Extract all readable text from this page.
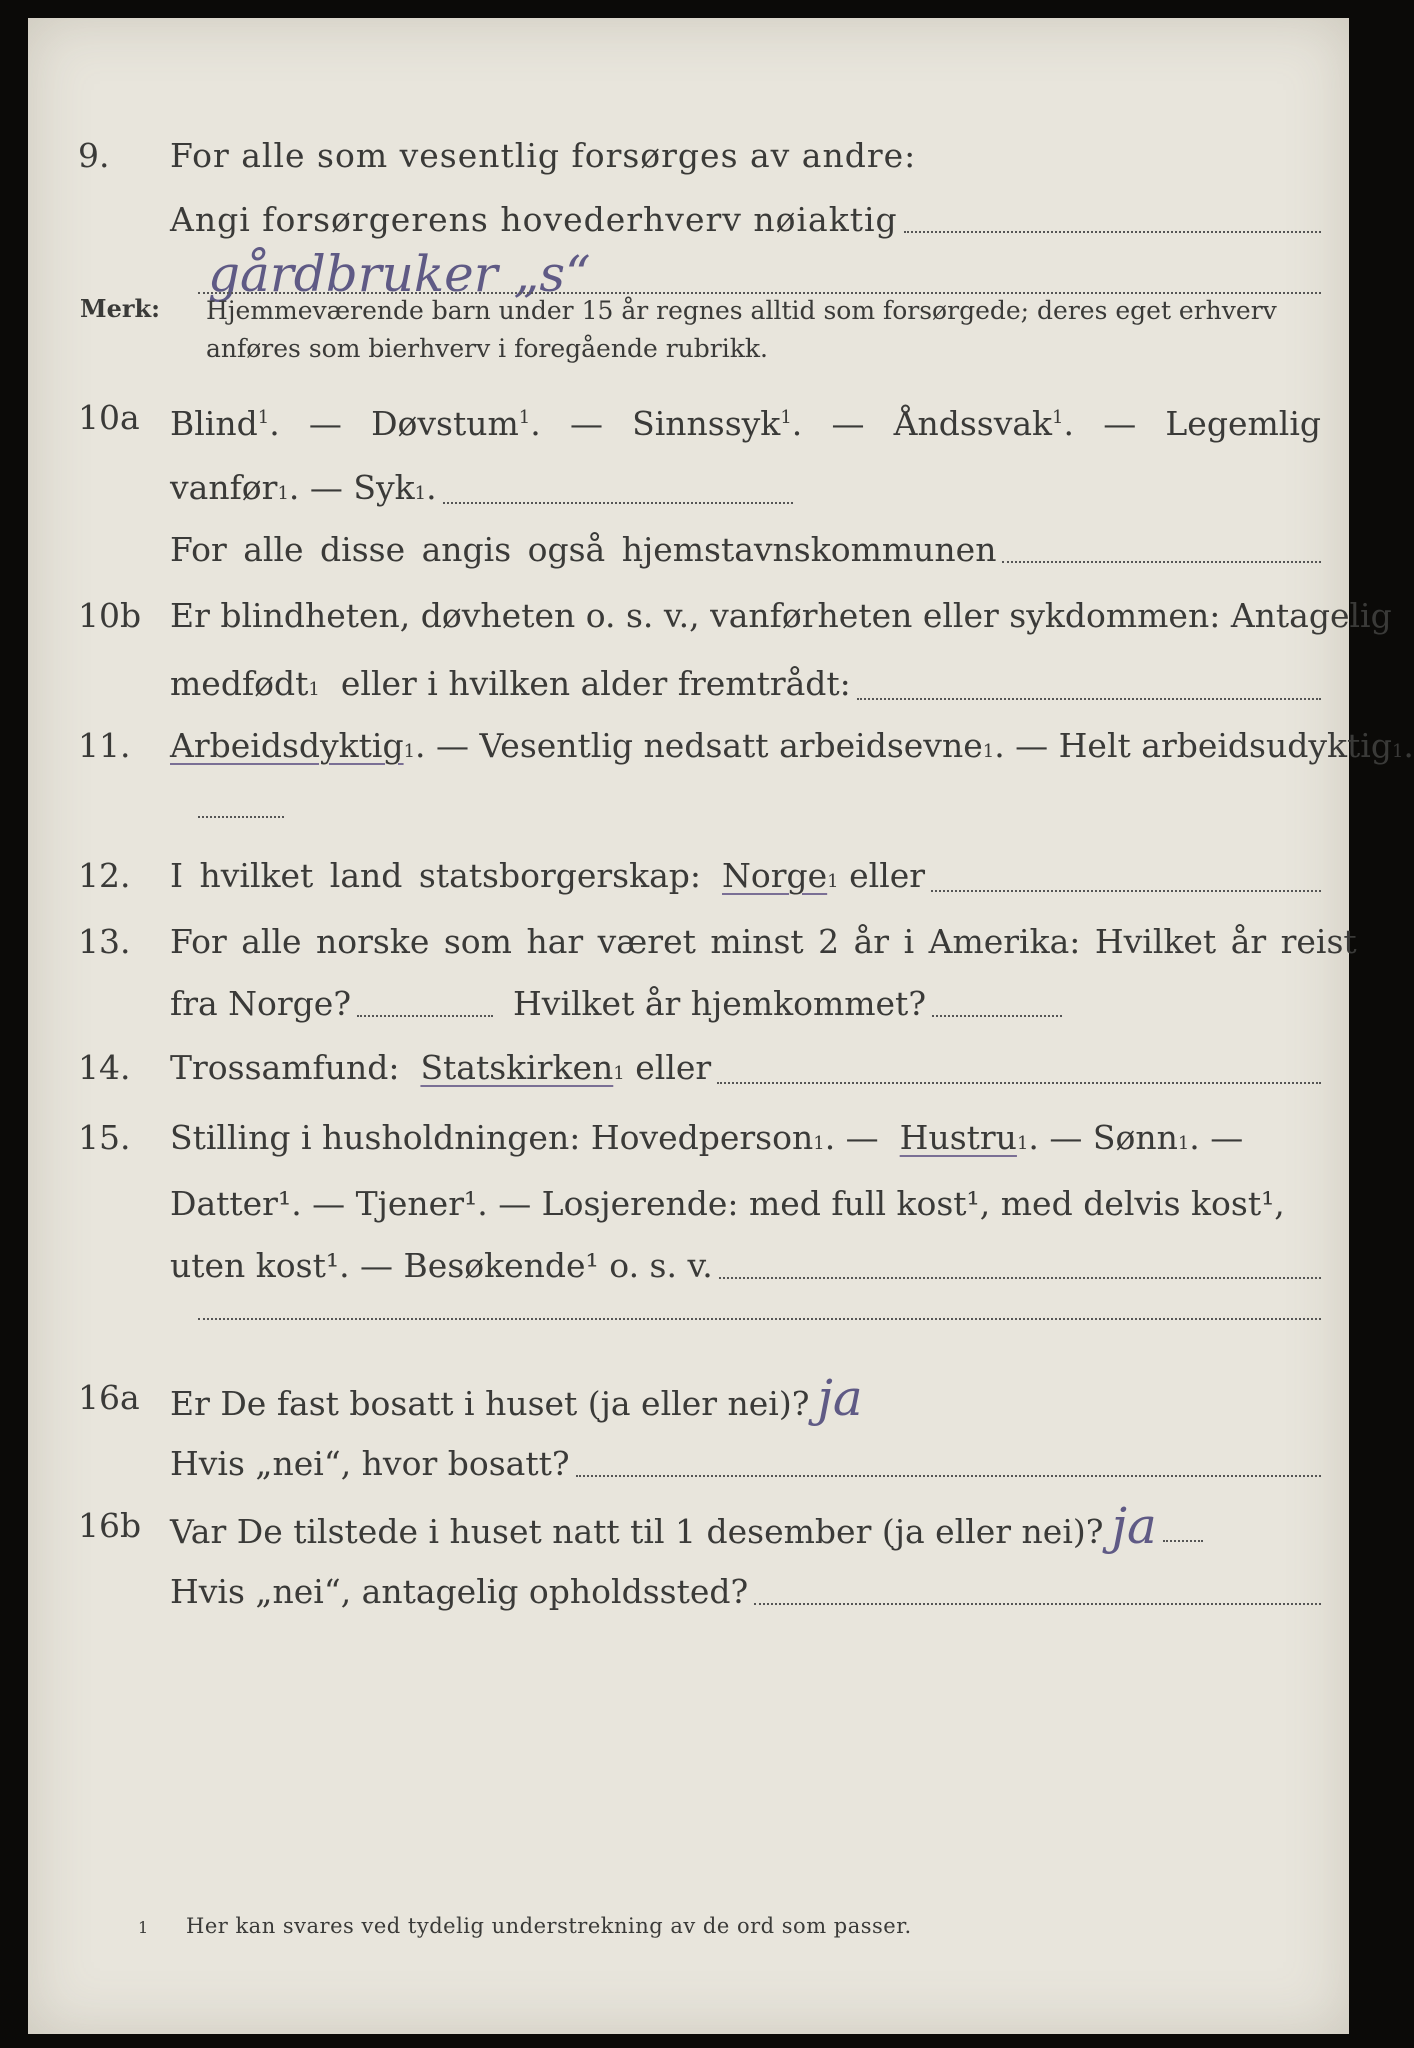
9.	For alle som vesentlig forsørges av andre:
Angi forsørgerens hovederhverv nøiaktig
gårdbruker „s“
Merk: Hjemmeværende barn under 15 år regnes alltid som forsørgede; deres eget erhverv
anføres som bierhverv i foregående rubrikk.
10a Blind$^1$. — Døvstum$^1$. — Sinnssyk$^1$. — Åndssvak$^1$. — Legemlig
vanfør 1 . —
Syk 1 .
For alle disse angis også hjemstavnskommunen
10b Er blindheten, døvheten o. s. v., vanførheten eller sykdommen: Antagelig
medfødt 1
eller i hvilken alder fremtrådt:
11.	Arbeidsdyktig 1 . — Vesentlig nedsatt arbeidsevne 1 . — Helt arbeidsudyktig 1 .
12.	I hvilket land statsborgerskap:
Norge 1
eller
13.	For alle norske som har været minst 2 år i Amerika: Hvilket år reist
fra Norge?	Hvilket år hjemkommet?
14.	Trossamfund:
Statskirken 1
eller
15.	Stilling i husholdningen: Hovedperson 1 . —
Hustru 1 . — Sønn 1 . —
Datter¹. — Tjener¹. — Losjerende: med full kost¹, med delvis kost¹,
uten kost¹. — Besøkende¹ o. s. v.
16a Er De fast bosatt i huset (ja eller nei)? ja
Hvis „nei“, hvor bosatt?
16b Var De tilstede i huset natt til 1 desember (ja eller nei)? ja
Hvis „nei“, antagelig opholdssted?
1 Her kan svares ved tydelig understrekning av de ord som passer.
